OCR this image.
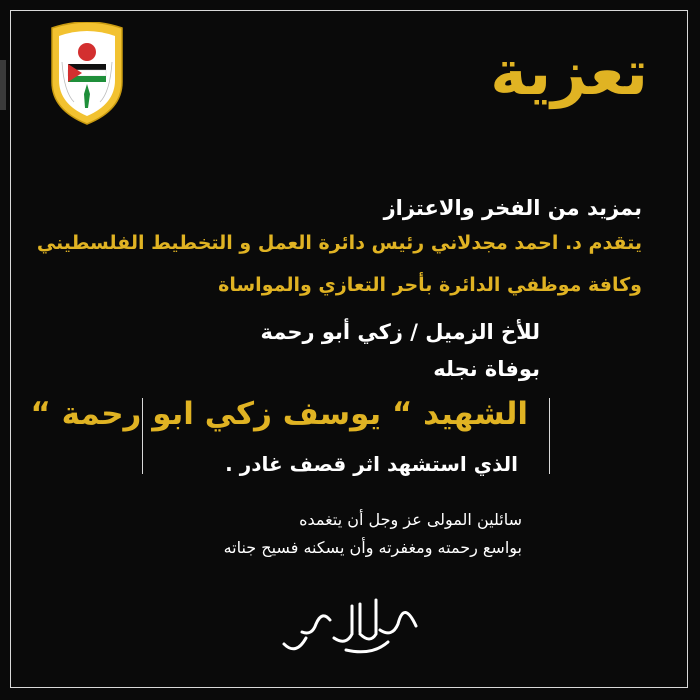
تعزية
بمزيد من الفخر والاعتزاز
يتقدم د. احمد مجدلاني رئيس دائرة العمل و التخطيط الفلسطيني
وكافة موظفي الدائرة بأحر التعازي والمواساة
للأخ الزميل / زكي أبو رحمة
بوفاة نجله
الشهيد “ يوسف زكي ابو رحمة “
الذي استشهد اثر قصف غادر .
سائلين المولى عز وجل أن يتغمده
بواسع رحمته ومغفرته وأن يسكنه فسيح جناته
